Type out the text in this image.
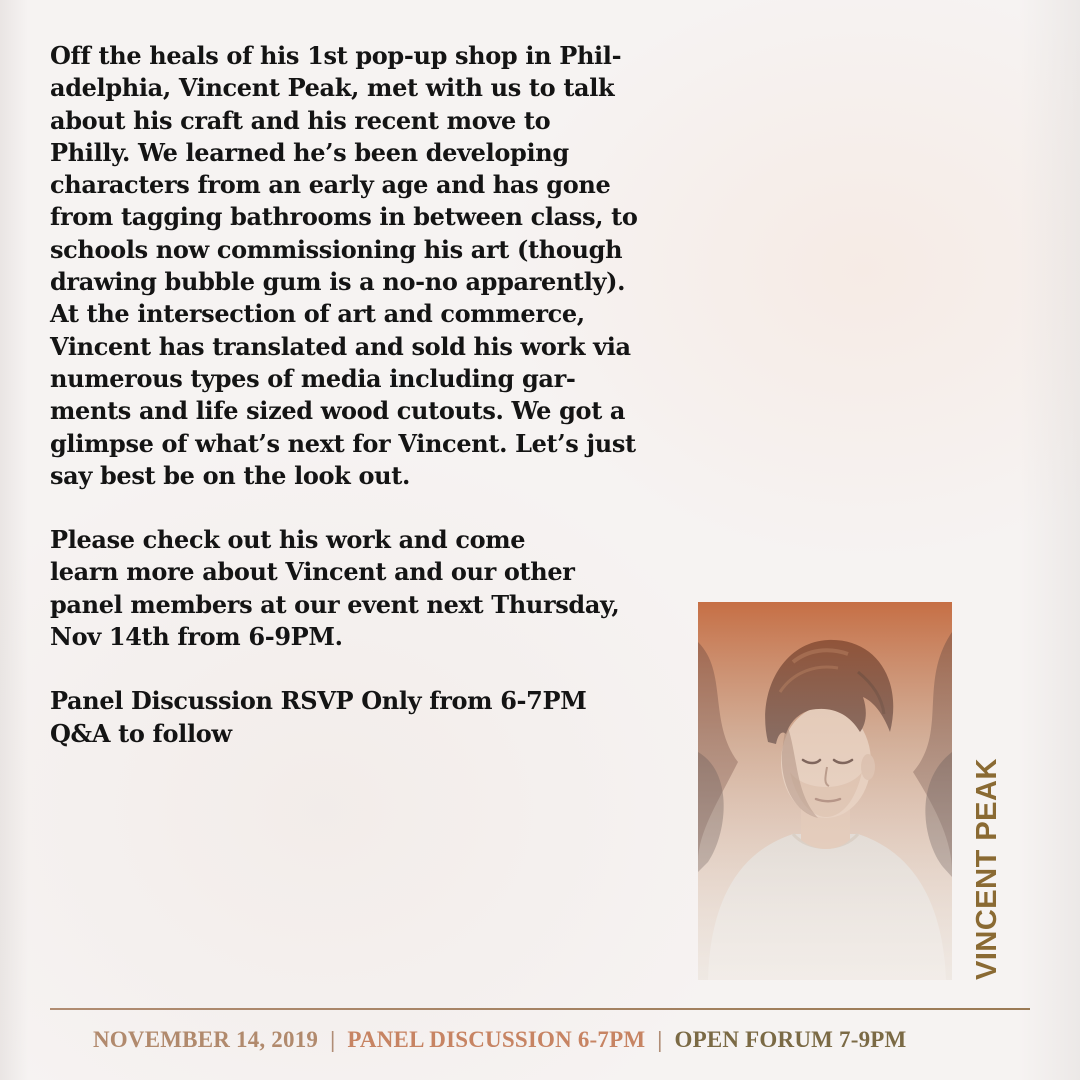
Off the heals of his 1st pop-up shop in Phil-
adelphia, Vincent Peak, met with us to talk
about his craft and his recent move to
Philly. We learned he’s been developing
characters from an early age and has gone
from tagging bathrooms in between class, to
schools now commissioning his art (though
drawing bubble gum is a no-no apparently).
At the intersection of art and commerce,
Vincent has translated and sold his work via
numerous types of media including gar-
ments and life sized wood cutouts. We got a
glimpse of what’s next for Vincent. Let’s just
say best be on the look out.

Please check out his work and come
learn more about Vincent and our other
panel members at our event next Thursday,
Nov 14th from 6-9PM.

Panel Discussion RSVP Only from 6-7PM
Q&A to follow

VINCENT PEAK
NOVEMBER 14, 2019 | PANEL DISCUSSION 6-7PM | OPEN FORUM 7-9PM
